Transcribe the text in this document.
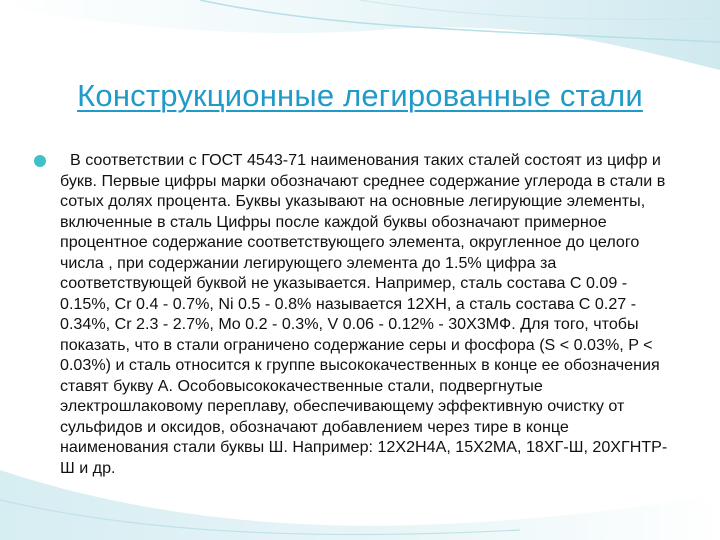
Конструкционные легированные стали

В соответствии с ГОСТ 4543-71 наименования таких сталей состоят из цифр и букв. Первые цифры марки обозначают среднее содержание углерода в стали в сотых долях процента. Буквы указывают на основные легирующие элементы, включенные в сталь Цифры после каждой буквы обозначают примерное процентное содержание соответствующего элемента, округленное до целого числа , при содержании легирующего элемента до 1.5% цифра за соответствующей буквой не указывается. Например, сталь состава С 0.09 - 0.15%, Cr 0.4 - 0.7%, Ni 0.5 - 0.8% называется 12ХН, а сталь состава С 0.27 - 0.34%, Cr 2.3 - 2.7%, Mo 0.2 - 0.3%, V 0.06 - 0.12% - 30Х3МФ. Для того, чтобы показать, что в стали ограничено содержание серы и фосфора (S < 0.03%, P < 0.03%) и сталь относится к группе высококачественных в конце ее обозначения ставят букву А. Особовысококачественные стали, подвергнутые электрошлаковому переплаву, обеспечивающему эффективную очистку от сульфидов и оксидов, обозначают добавлением через тире в конце наименования стали буквы Ш. Например: 12Х2Н4А, 15Х2МА, 18ХГ-Ш, 20ХГНТР-Ш и др.
